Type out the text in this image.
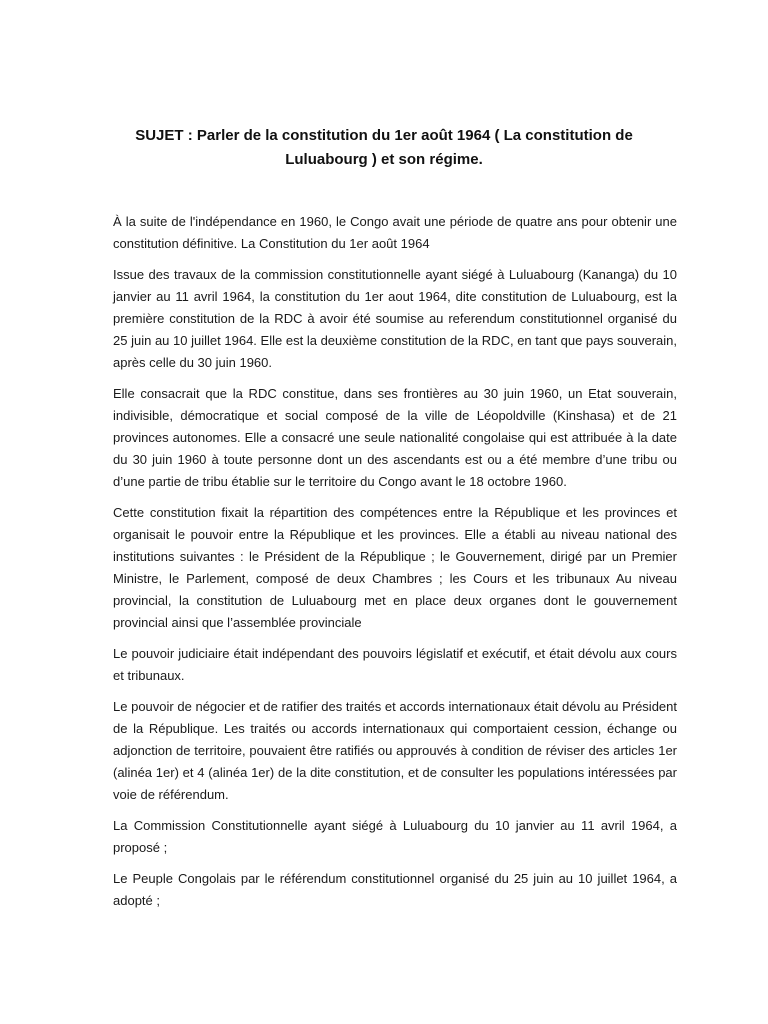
SUJET : Parler de la constitution du 1er août 1964 ( La constitution de Luluabourg ) et son régime.

À la suite de l'indépendance en 1960, le Congo avait une période de quatre ans pour obtenir une constitution définitive. La Constitution du 1er août 1964

Issue des travaux de la commission constitutionnelle ayant siégé à Luluabourg (Kananga) du 10 janvier au 11 avril 1964, la constitution du 1er aout 1964, dite constitution de Luluabourg, est la première constitution de la RDC à avoir été soumise au referendum constitutionnel organisé du 25 juin au 10 juillet 1964. Elle est la deuxième constitution de la RDC, en tant que pays souverain, après celle du 30 juin 1960.

Elle consacrait que la RDC constitue, dans ses frontières au 30 juin 1960, un Etat souverain, indivisible, démocratique et social composé de la ville de Léopoldville (Kinshasa) et de 21 provinces autonomes. Elle a consacré une seule nationalité congolaise qui est attribuée à la date du 30 juin 1960 à toute personne dont un des ascendants est ou a été membre d’une tribu ou d’une partie de tribu établie sur le territoire du Congo avant le 18 octobre 1960.

Cette constitution fixait la répartition des compétences entre la République et les provinces et organisait le pouvoir entre la République et les provinces. Elle a établi au niveau national des institutions suivantes : le Président de la République ; le Gouvernement, dirigé par un Premier Ministre, le Parlement, composé de deux Chambres ; les Cours et les tribunaux Au niveau provincial, la constitution de Luluabourg met en place deux organes dont le gouvernement provincial ainsi que l’assemblée provinciale

Le pouvoir judiciaire était indépendant des pouvoirs législatif et exécutif, et était dévolu aux cours et tribunaux.

Le pouvoir de négocier et de ratifier des traités et accords internationaux était dévolu au Président de la République. Les traités ou accords internationaux qui comportaient cession, échange ou adjonction de territoire, pouvaient être ratifiés ou approuvés à condition de réviser des articles 1er (alinéa 1er) et 4 (alinéa 1er) de la dite constitution, et de consulter les populations intéressées par voie de référendum.

La Commission Constitutionnelle ayant siégé à Luluabourg du 10 janvier au 11 avril 1964, a proposé ;

Le Peuple Congolais par le référendum constitutionnel organisé du 25 juin au 10 juillet 1964, a adopté ;
